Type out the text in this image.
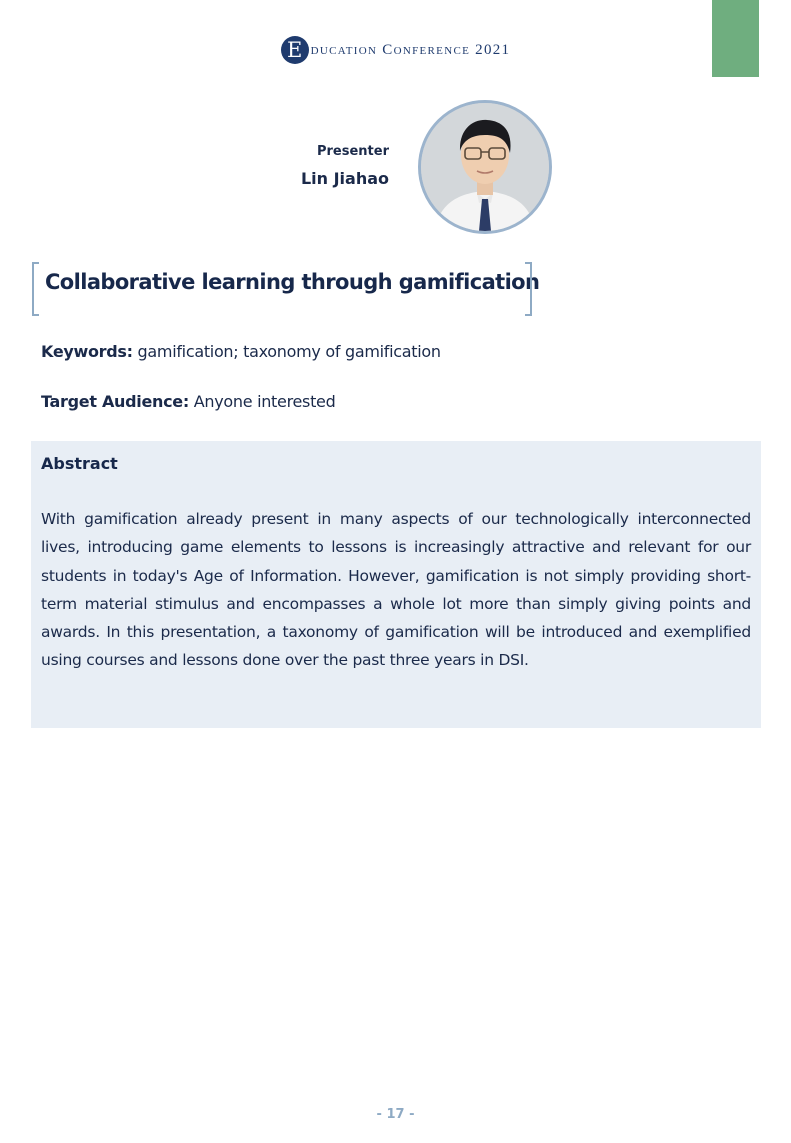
E ducation Conference 2021
Presenter
Lin Jiahao
Collaborative learning through gamification
Keywords: gamification; taxonomy of gamification
Target Audience: Anyone interested
Abstract
With gamification already present in many aspects of our technologically interconnected lives, introducing game elements to lessons is increasingly attractive and relevant for our students in today's Age of Information. However, gamification is not simply providing short-term material stimulus and encompasses a whole lot more than simply giving points and awards. In this presentation, a taxonomy of gamification will be introduced and exemplified using courses and lessons done over the past three years in DSI.
- 17 -
